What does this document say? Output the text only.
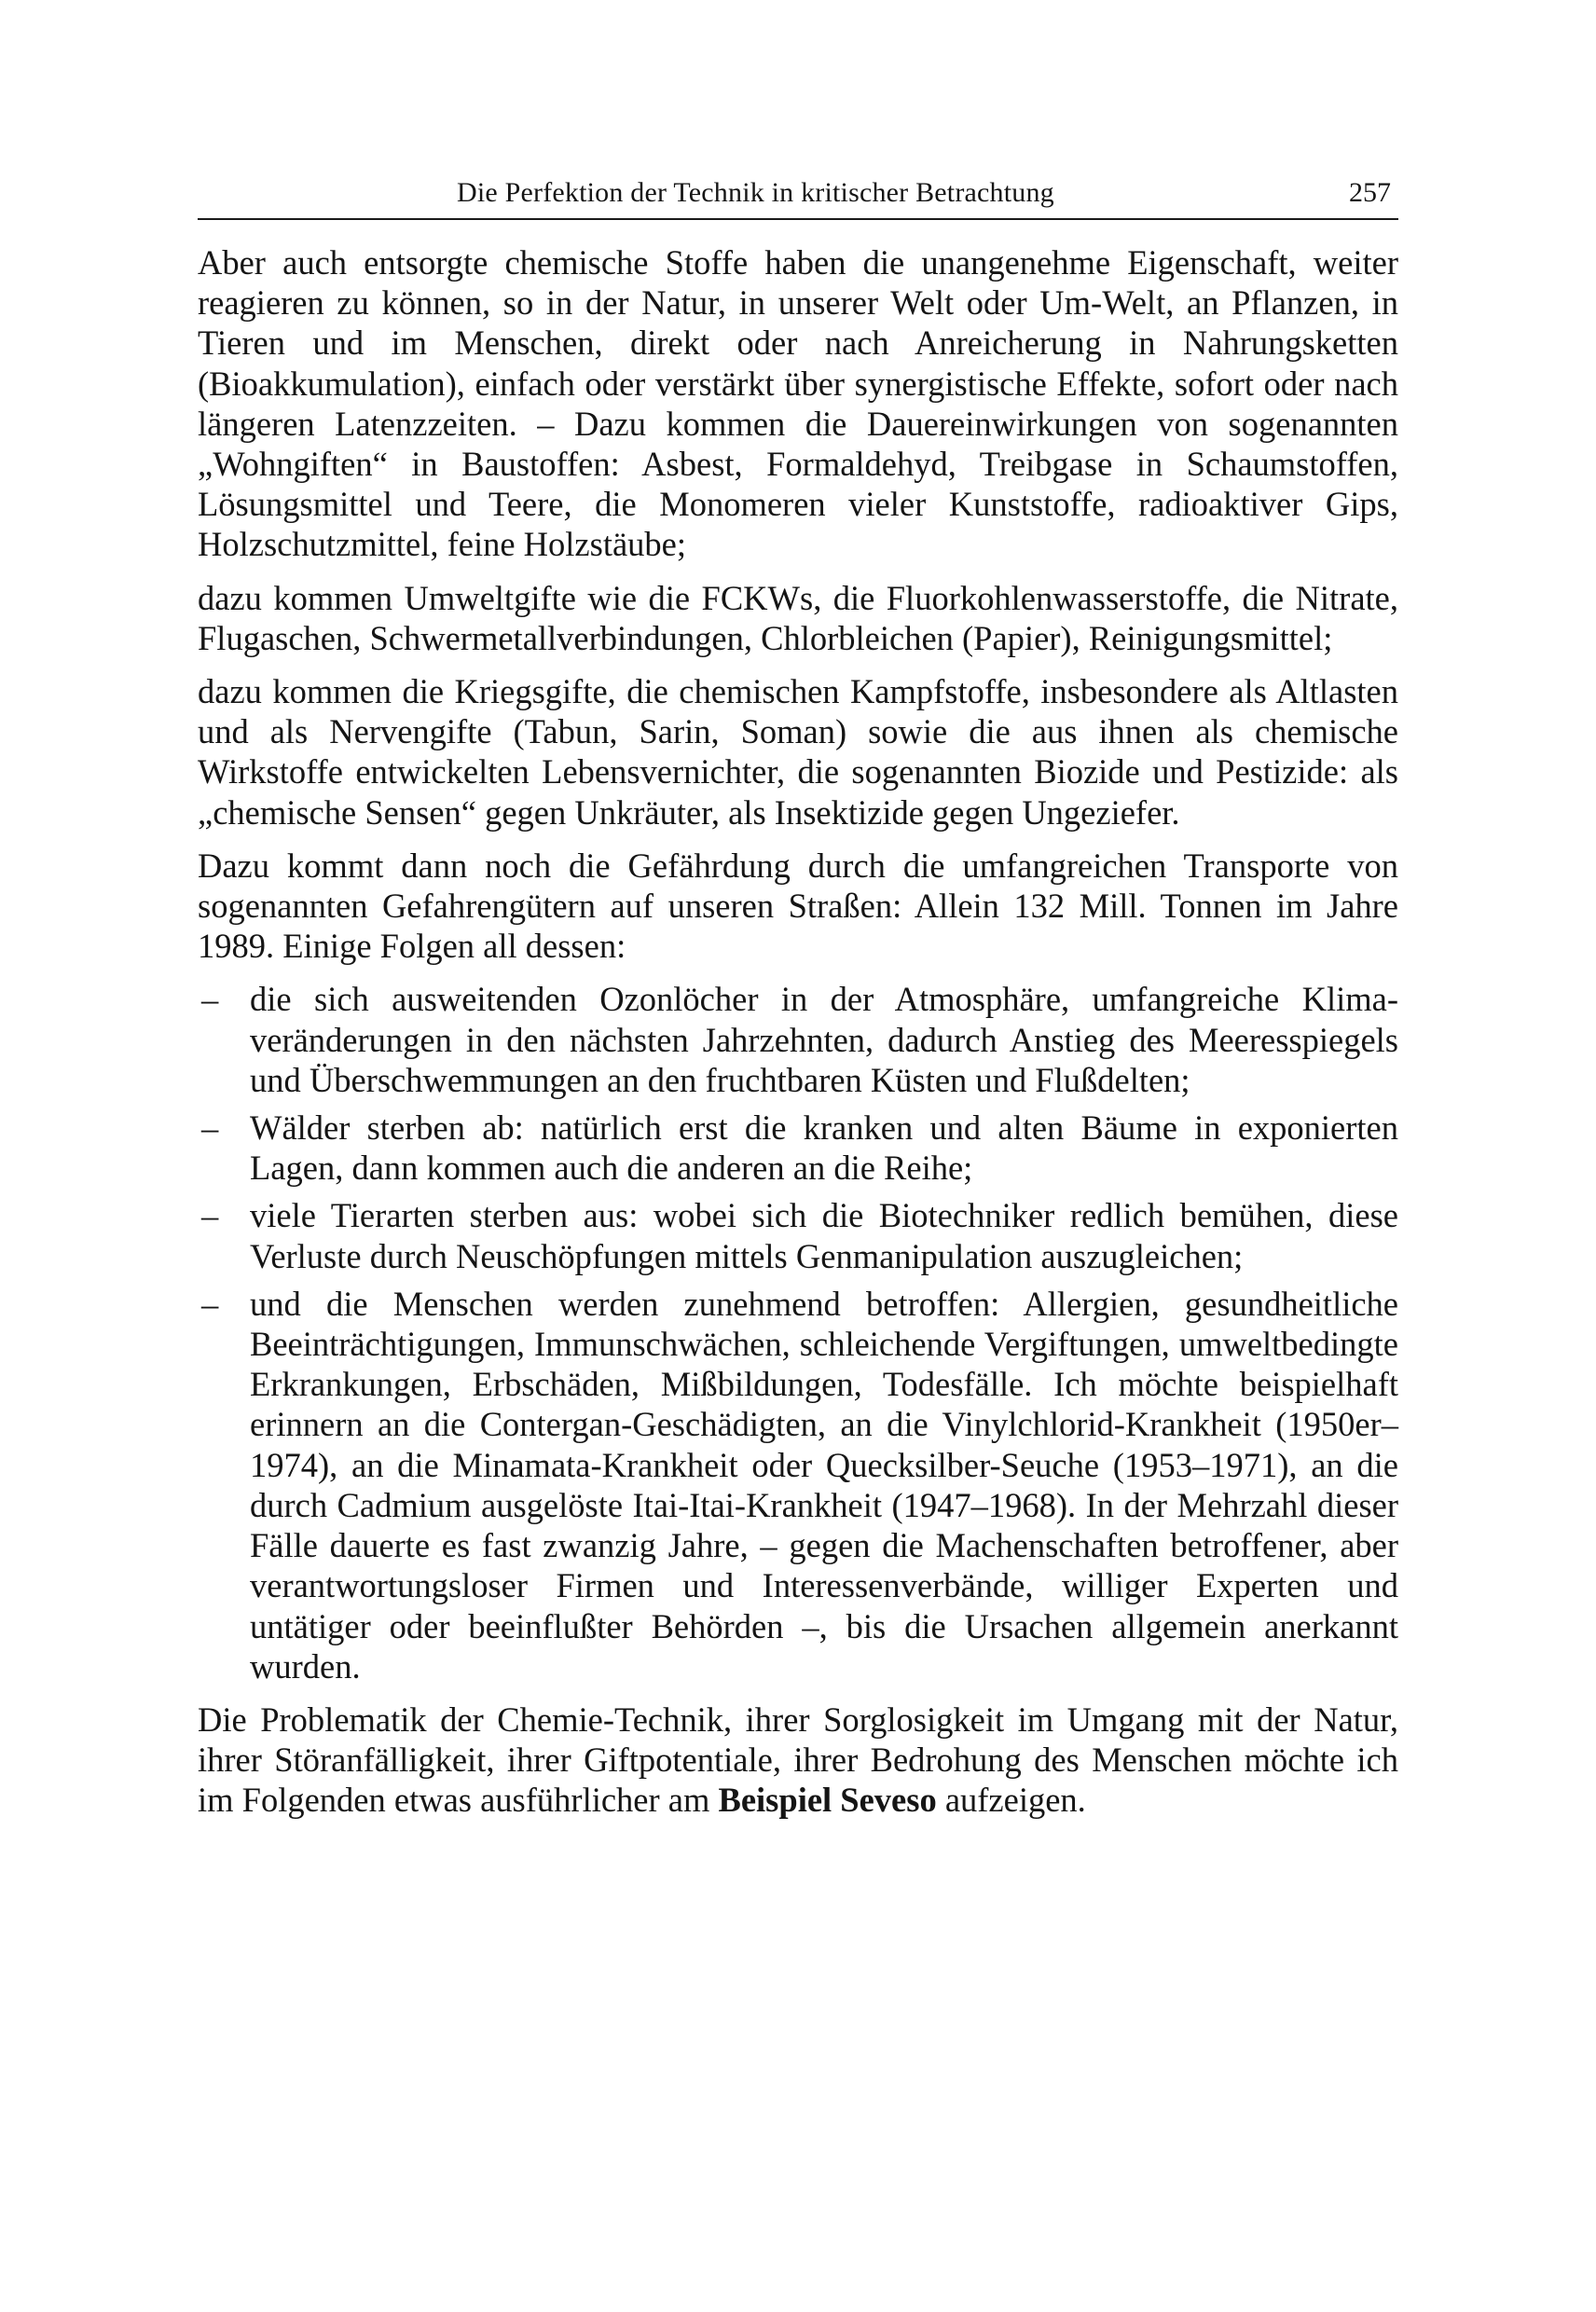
Die Perfektion der Technik in kritischer Betrachtung	257

Aber auch entsorgte chemische Stoffe haben die unangenehme Eigenschaft, weiter reagieren zu können, so in der Natur, in unserer Welt oder Um-Welt, an Pflanzen, in Tieren und im Menschen, direkt oder nach Anreicherung in Nahrungsketten (Bioakkumulation), einfach oder verstärkt über synergistische Effekte, sofort oder nach längeren Latenzzeiten. – Dazu kommen die Dauereinwirkungen von sogenannten „Wohngiften“ in Baustoffen: Asbest, Formaldehyd, Treibgase in Schaumstoffen, Lösungsmittel und Teere, die Monomeren vieler Kunststoffe, radioaktiver Gips, Holzschutzmittel, feine Holzstäube;

dazu kommen Umweltgifte wie die FCKWs, die Fluorkohlenwasserstoffe, die Nitrate, Flugaschen, Schwermetallverbindungen, Chlorbleichen (Papier), Reinigungsmittel;

dazu kommen die Kriegsgifte, die chemischen Kampfstoffe, insbesondere als Altlasten und als Nervengifte (Tabun, Sarin, Soman) sowie die aus ihnen als chemische Wirkstoffe entwickelten Lebensvernichter, die sogenannten Biozide und Pestizide: als „chemische Sensen“ gegen Unkräuter, als Insektizide gegen Ungeziefer.

Dazu kommt dann noch die Gefährdung durch die umfangreichen Transporte von sogenannten Gefahrengütern auf unseren Straßen: Allein 132 Mill. Tonnen im Jahre 1989. Einige Folgen all dessen:

– die sich ausweitenden Ozonlöcher in der Atmosphäre, umfangreiche Klimaveränderungen in den nächsten Jahrzehnten, dadurch Anstieg des Meeresspiegels und Überschwemmungen an den fruchtbaren Küsten und Flußdelten;
– Wälder sterben ab: natürlich erst die kranken und alten Bäume in exponierten Lagen, dann kommen auch die anderen an die Reihe;
– viele Tierarten sterben aus: wobei sich die Biotechniker redlich bemühen, diese Verluste durch Neuschöpfungen mittels Genmanipulation auszugleichen;
– und die Menschen werden zunehmend betroffen: Allergien, gesundheitliche Beeinträchtigungen, Immunschwächen, schleichende Vergiftungen, umweltbedingte Erkrankungen, Erbschäden, Mißbildungen, Todesfälle. Ich möchte beispielhaft erinnern an die Contergan-Geschädigten, an die Vinylchlorid-Krankheit (1950er–1974), an die Minamata-Krankheit oder Quecksilber-Seuche (1953–1971), an die durch Cadmium ausgelöste Itai-Itai-Krankheit (1947–1968). In der Mehrzahl dieser Fälle dauerte es fast zwanzig Jahre, – gegen die Machenschaften betroffener, aber verantwortungsloser Firmen und Interessenverbände, williger Experten und untätiger oder beeinflußter Behörden –, bis die Ursachen allgemein anerkannt wurden.

Die Problematik der Chemie-Technik, ihrer Sorglosigkeit im Umgang mit der Natur, ihrer Störanfälligkeit, ihrer Giftpotentiale, ihrer Bedrohung des Menschen möchte ich im Folgenden etwas ausführlicher am Beispiel Seveso aufzeigen.
